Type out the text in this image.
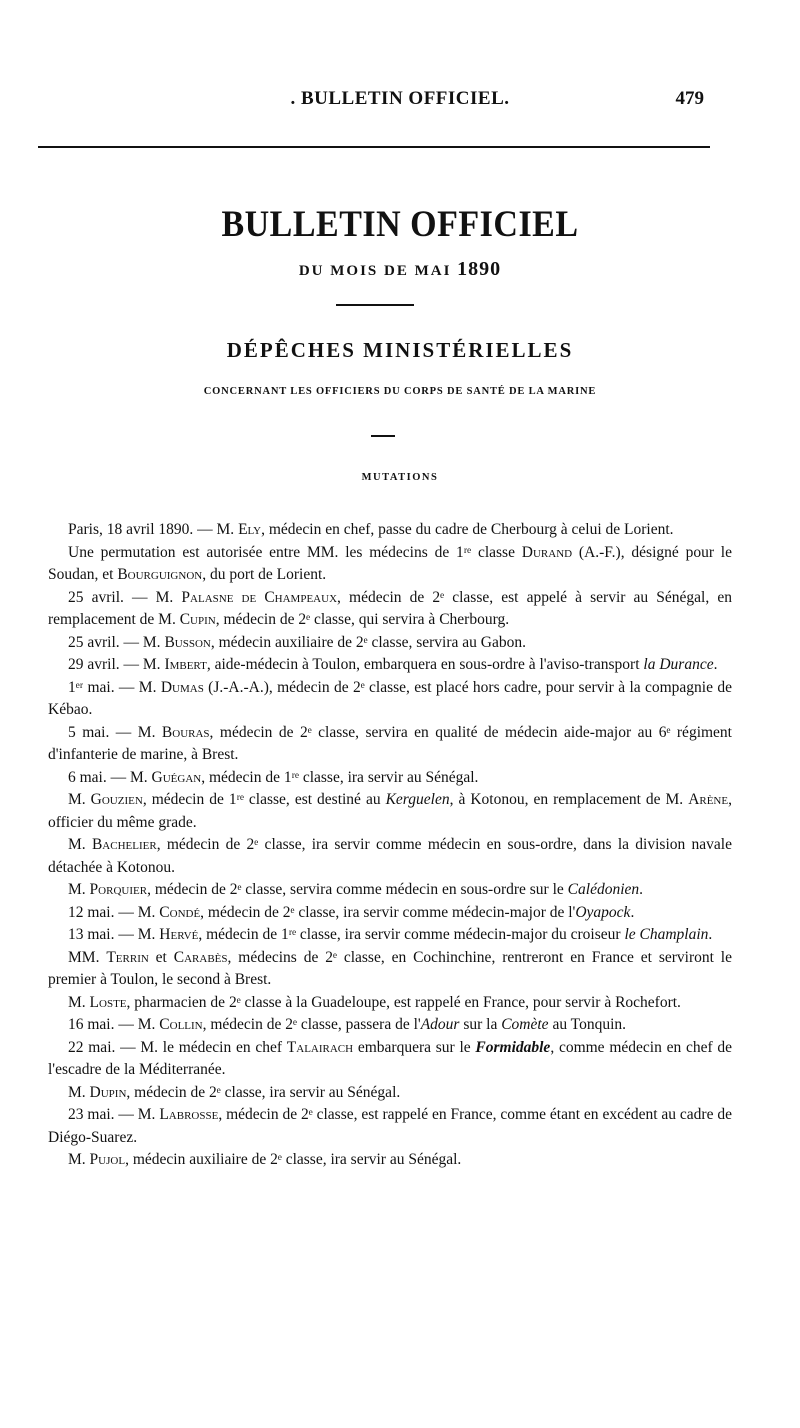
. BULLETIN OFFICIEL.	479
BULLETIN OFFICIEL
DU MOIS DE MAI 1890
DÉPÊCHES MINISTÉRIELLES
CONCERNANT LES OFFICIERS DU CORPS DE SANTÉ DE LA MARINE
MUTATIONS

Paris, 18 avril 1890. — M. Ely, médecin en chef, passe du cadre de Cherbourg à celui de Lorient.

Une permutation est autorisée entre MM. les médecins de 1ʳᵉ classe Durand (A.-F.), désigné pour le Soudan, et Bourguignon, du port de Lorient.

25 avril. — M. Palasne de Champeaux, médecin de 2ᵉ classe, est appelé à servir au Sénégal, en remplacement de M. Cupin, médecin de 2ᵉ classe, qui servira à Cherbourg.

25 avril. — M. Busson, médecin auxiliaire de 2ᵉ classe, servira au Gabon.

29 avril. — M. Imbert, aide-médecin à Toulon, embarquera en sous-ordre à l'aviso-transport la Durance.

1ᵉʳ mai. — M. Dumas (J.-A.-A.), médecin de 2ᵉ classe, est placé hors cadre, pour servir à la compagnie de Kébao.

5 mai. — M. Bouras, médecin de 2ᵉ classe, servira en qualité de médecin aide-major au 6ᵉ régiment d'infanterie de marine, à Brest.

6 mai. — M. Guégan, médecin de 1ʳᵉ classe, ira servir au Sénégal.

M. Gouzien, médecin de 1ʳᵉ classe, est destiné au Kerguelen, à Kotonou, en remplacement de M. Arène, officier du même grade.

M. Bachelier, médecin de 2ᵉ classe, ira servir comme médecin en sous-ordre, dans la division navale détachée à Kotonou.

M. Porquier, médecin de 2ᵉ classe, servira comme médecin en sous-ordre sur le Calédonien.

12 mai. — M. Condé, médecin de 2ᵉ classe, ira servir comme médecin-major de l'Oyapock.

13 mai. — M. Hervé, médecin de 1ʳᵉ classe, ira servir comme médecin-major du croiseur le Champlain.

MM. Terrin et Carabès, médecins de 2ᵉ classe, en Cochinchine, rentreront en France et serviront le premier à Toulon, le second à Brest.

M. Loste, pharmacien de 2ᵉ classe à la Guadeloupe, est rappelé en France, pour servir à Rochefort.

16 mai. — M. Collin, médecin de 2ᵉ classe, passera de l'Adour sur la Comète au Tonquin.

22 mai. — M. le médecin en chef Talairach embarquera sur le Formidable, comme médecin en chef de l'escadre de la Méditerranée.

M. Dupin, médecin de 2ᵉ classe, ira servir au Sénégal.

23 mai. — M. Labrosse, médecin de 2ᵉ classe, est rappelé en France, comme étant en excédent au cadre de Diégo-Suarez.

M. Pujol, médecin auxiliaire de 2ᵉ classe, ira servir au Sénégal.
